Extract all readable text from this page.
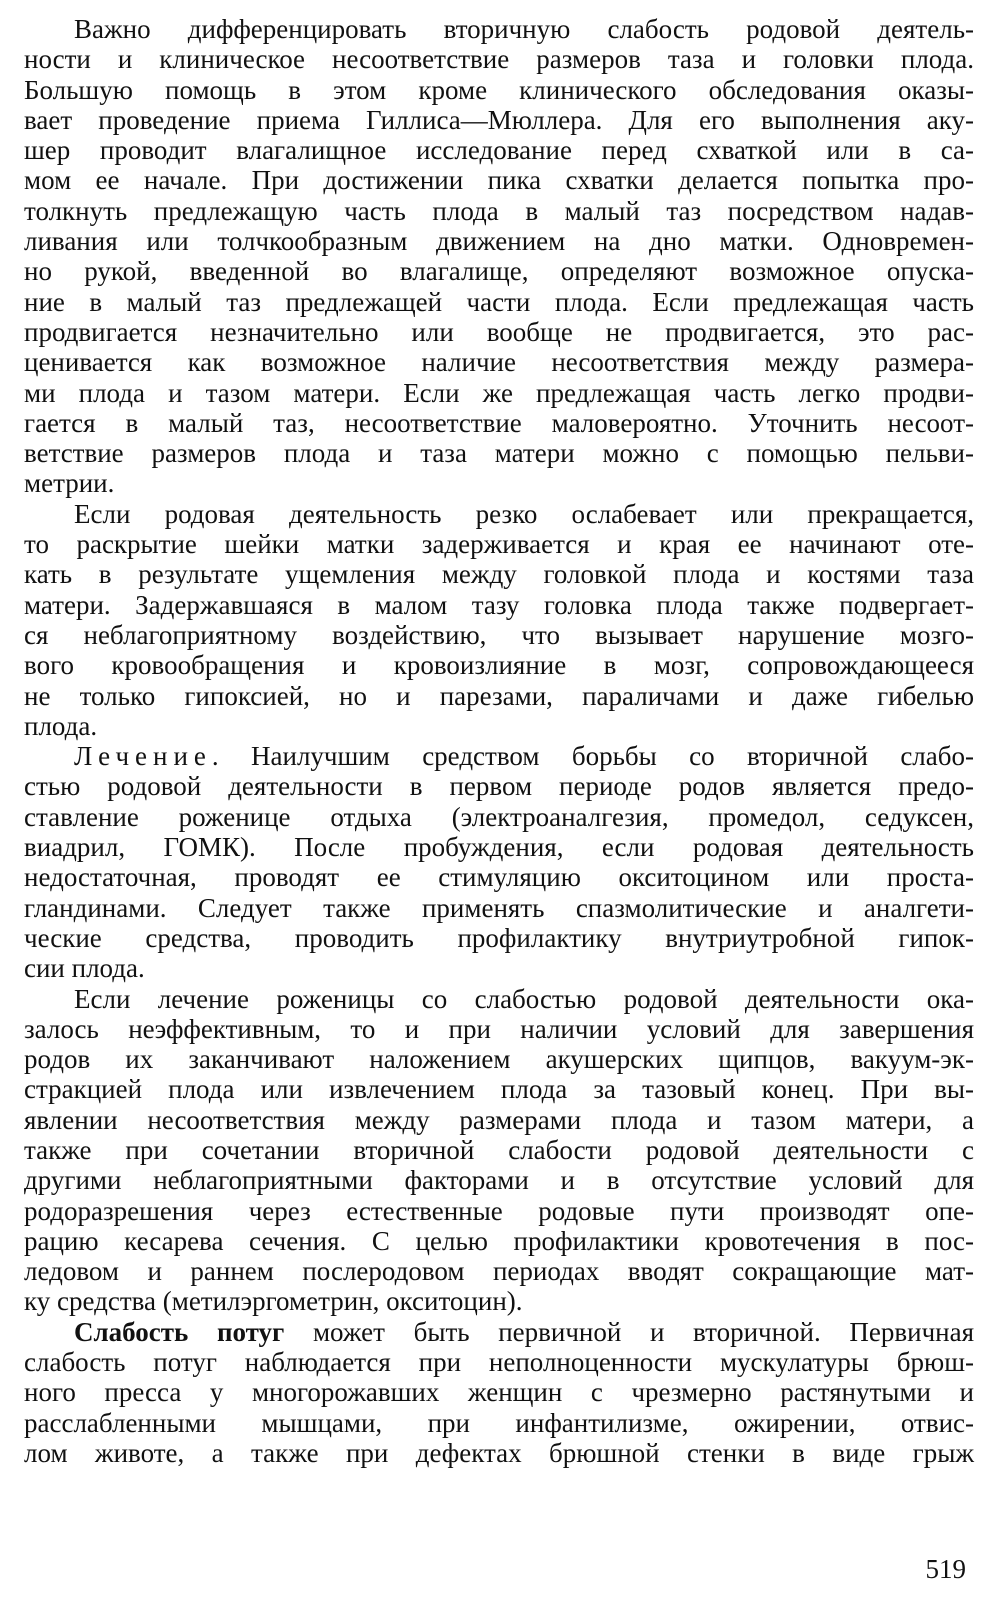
Важно дифференцировать вторичную слабость родовой деятель-
ности и клиническое несоответствие размеров таза и головки плода.
Большую помощь в этом кроме клинического обследования оказы-
вает проведение приема Гиллиса—Мюллера. Для его выполнения аку-
шер проводит влагалищное исследование перед схваткой или в са-
мом ее начале. При достижении пика схватки делается попытка про-
толкнуть предлежащую часть плода в малый таз посредством надав-
ливания или толчкообразным движением на дно матки. Одновремен-
но рукой, введенной во влагалище, определяют возможное опуска-
ние в малый таз предлежащей части плода. Если предлежащая часть
продвигается незначительно или вообще не продвигается, это рас-
ценивается как возможное наличие несоответствия между размера-
ми плода и тазом матери. Если же предлежащая часть легко продви-
гается в малый таз, несоответствие маловероятно. Уточнить несоот-
ветствие размеров плода и таза матери можно с помощью пельви-
метрии.

Если родовая деятельность резко ослабевает или прекращается,
то раскрытие шейки матки задерживается и края ее начинают оте-
кать в результате ущемления между головкой плода и костями таза
матери. Задержавшаяся в малом тазу головка плода также подвергает-
ся неблагоприятному воздействию, что вызывает нарушение мозго-
вого кровообращения и кровоизлияние в мозг, сопровождающееся
не только гипоксией, но и парезами, параличами и даже гибелью
плода.

Лечение. Наилучшим средством борьбы со вторичной слабо-
стью родовой деятельности в первом периоде родов является предо-
ставление роженице отдыха (электроаналгезия, промедол, седуксен,
виадрил, ГОМК). После пробуждения, если родовая деятельность
недостаточная, проводят ее стимуляцию окситоцином или проста-
гландинами. Следует также применять спазмолитические и аналгети-
ческие средства, проводить профилактику внутриутробной гипок-
сии плода.

Если лечение роженицы со слабостью родовой деятельности ока-
залось неэффективным, то и при наличии условий для завершения
родов их заканчивают наложением акушерских щипцов, вакуум-эк-
стракцией плода или извлечением плода за тазовый конец. При вы-
явлении несоответствия между размерами плода и тазом матери, а
также при сочетании вторичной слабости родовой деятельности с
другими неблагоприятными факторами и в отсутствие условий для
родоразрешения через естественные родовые пути производят опе-
рацию кесарева сечения. С целью профилактики кровотечения в пос-
ледовом и раннем послеродовом периодах вводят сокращающие мат-
ку средства (метилэргометрин, окситоцин).

Слабость потуг может быть первичной и вторичной. Первичная
слабость потуг наблюдается при неполноценности мускулатуры брюш-
ного пресса у многорожавших женщин с чрезмерно растянутыми и
расслабленными мышцами, при инфантилизме, ожирении, отвис-
лом животе, а также при дефектах брюшной стенки в виде грыж

519
